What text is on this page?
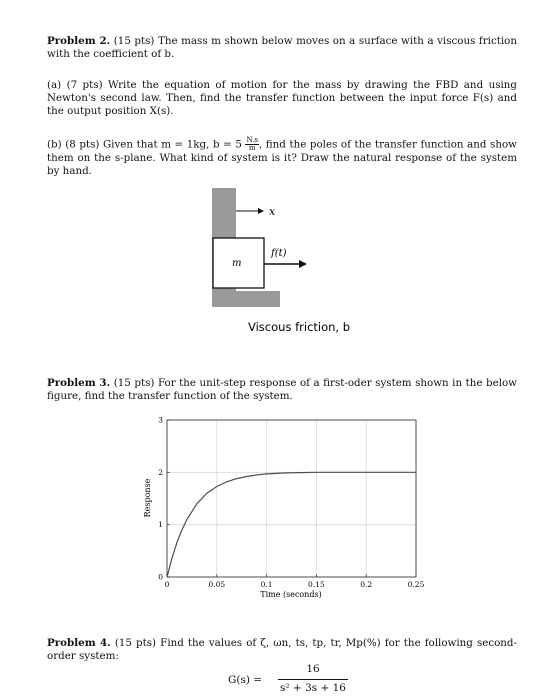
Problem 2. (15 pts) The mass m shown below moves on a surface with a viscous friction with the coefficient of b.

(a) (7 pts) Write the equation of motion for the mass by drawing the FBD and using Newton's second law. Then, find the transfer function between the input force F(s) and the output position X(s).

(b) (8 pts) Given that m = 1kg, $b = 5 \frac{N.s}{m}$ , find the poles of the transfer function and show them on the s-plane. What kind of system is it? Draw the natural response of the system by hand.

x
m
f(t)
Viscous friction, b

Problem 3. (15 pts) For the unit-step response of a first-oder system shown in the below figure, find the transfer function of the system.

0	0.05	0.1	0.15	0.2	0.25
0
1
2
3
Time (seconds)
Response

Problem 4. (15 pts) Find the values of ζ, ωn, ts, tp, tr, Mp(%) for the following second-order system:

G(s) =
16
s² + 3s + 16
